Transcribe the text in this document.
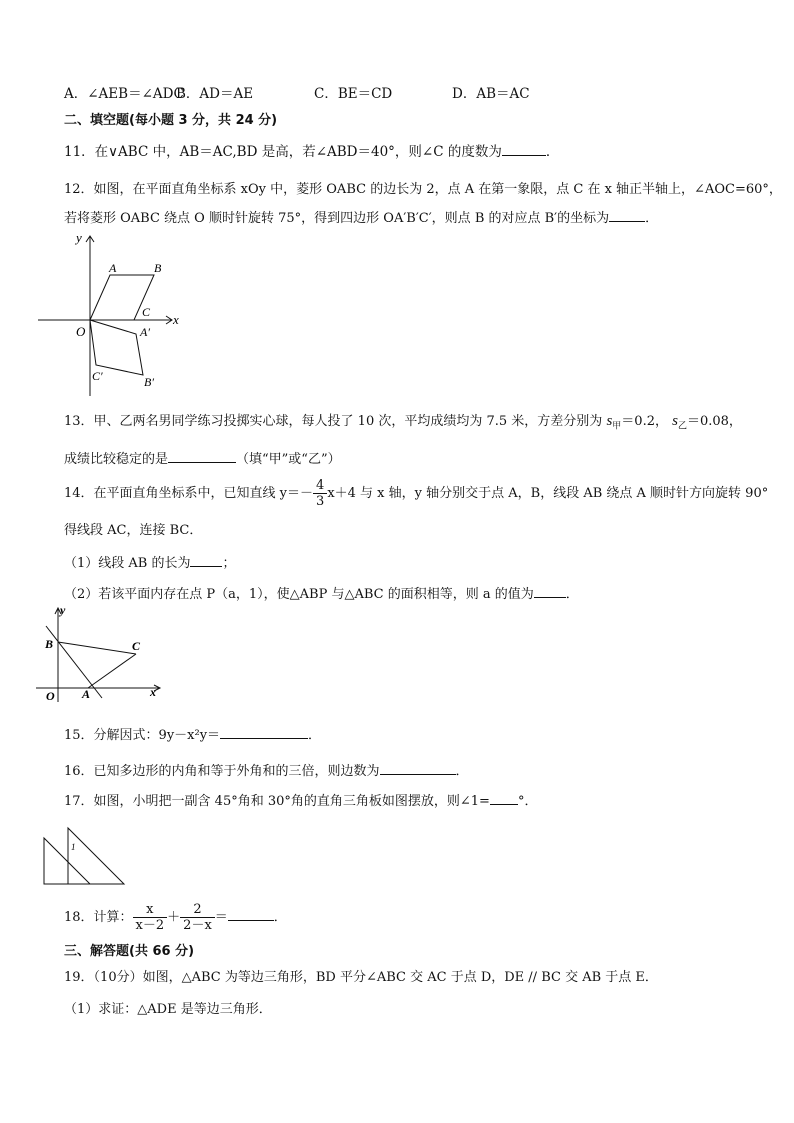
A．∠AEB＝∠ADC
B．AD＝AE	C．BE＝CD	D．AB＝AC
二、填空题(每小题 3 分，共 24 分)
11．在∨ABC 中，AB＝AC,BD 是高，若∠ABD＝40°，则∠C 的度数为	．
12．如图，在平面直角坐标系 xOy 中，菱形 OABC 的边长为 2，点 A 在第一象限，点 C 在 x 轴正半轴上，∠AOC=60°，
若将菱形 OABC 绕点 O 顺时针旋转 75°，得到四边形 OA′B′C′，则点 B 的对应点 B′的坐标为	．
y
x
O
A	B
C
A′
B′
C′
13．甲、乙两名男同学练习投掷实心球，每人投了 10 次，平均成绩均为 7.5 米，方差分别为 $s_甲=0.2$， $s_乙=0.08$，
成绩比较稳定的是	（填“甲”或“乙”）
14．在平面直角坐标系中，已知直线 $y=- \frac{4}{3} x+4$ 与 x 轴，y 轴分别交于点 A，B，线段 AB 绕点 A 顺时针方向旋转 90°
得线段 AC，连接 BC．
（1）线段 AB 的长为 ；
（2）若该平面内存在点 P（a，1），使△ABP 与△ABC 的面积相等，则 a 的值为 ．
y
x
O A
B	C
15．分解因式：9y－x²y＝	．
16．已知多边形的内角和等于外角和的三倍，则边数为	．
17．如图，小明把一副含 45°角和 30°角的直角三角板如图摆放，则∠1= °．
1
18．计算： $\frac{x}{x-2} + \frac{2}{2-x}$ ＝	．
三、解答题(共 66 分)
19．（10分）如图，△ABC 为等边三角形，BD 平分∠ABC 交 AC 于点 D，DE // BC 交 AB 于点 E．
（1）求证：△ADE 是等边三角形．
